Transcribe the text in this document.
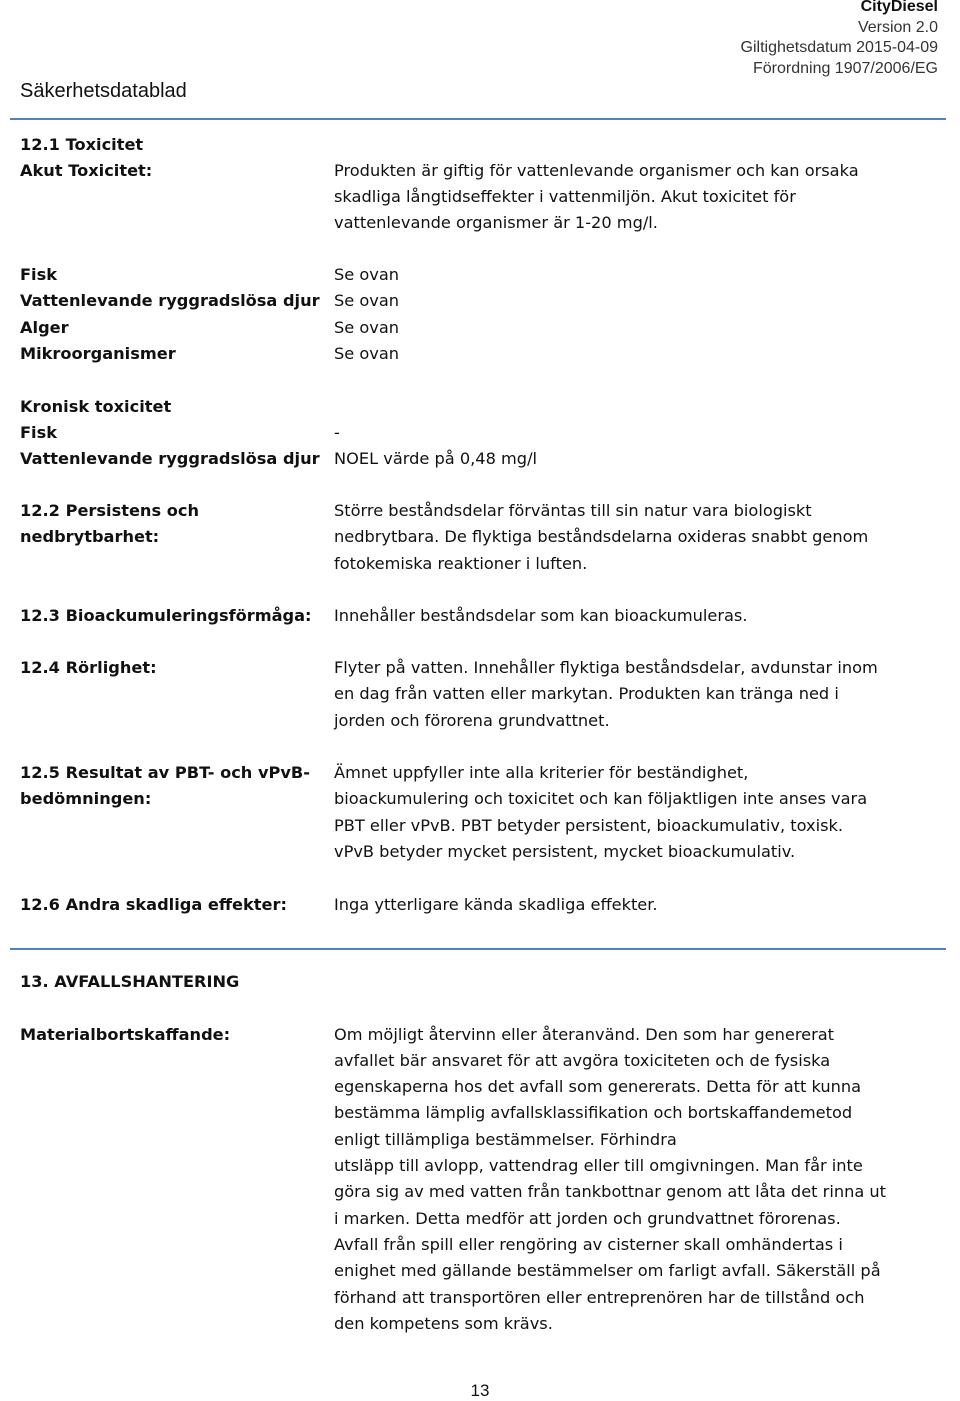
CityDiesel
Version 2.0
Giltighetsdatum 2015-04-09
Förordning 1907/2006/EG
Säkerhetsdatablad
12.1 Toxicitet
Akut Toxicitet:	Produkten är giftig för vattenlevande organismer och kan orsaka
skadliga långtidseffekter i vattenmiljön. Akut toxicitet för
vattenlevande organismer är 1-20 mg/l.
Fisk	Se ovan
Vattenlevande ryggradslösa djur Se ovan
Alger	Se ovan
Mikroorganismer	Se ovan
Kronisk toxicitet
Fisk	-
Vattenlevande ryggradslösa djur NOEL värde på 0,48 mg/l
12.2 Persistens och
nedbrytbarhet:
Större beståndsdelar förväntas till sin natur vara biologiskt
nedbrytbara. De flyktiga beståndsdelarna oxideras snabbt genom
fotokemiska reaktioner i luften.
12.3 Bioackumuleringsförmåga: Innehåller beståndsdelar som kan bioackumuleras.
12.4 Rörlighet:	Flyter på vatten. Innehåller flyktiga beståndsdelar, avdunstar inom
en dag från vatten eller markytan. Produkten kan tränga ned i
jorden och förorena grundvattnet.
12.5 Resultat av PBT- och vPvB-
bedömningen:
Ämnet uppfyller inte alla kriterier för beständighet,
bioackumulering och toxicitet och kan följaktligen inte anses vara
PBT eller vPvB. PBT betyder persistent, bioackumulativ, toxisk.
vPvB betyder mycket persistent, mycket bioackumulativ.
12.6 Andra skadliga effekter:	Inga ytterligare kända skadliga effekter.
13. AVFALLSHANTERING
Materialbortskaffande:	Om möjligt återvinn eller återanvänd. Den som har genererat
avfallet bär ansvaret för att avgöra toxiciteten och de fysiska
egenskaperna hos det avfall som genererats. Detta för att kunna
bestämma lämplig avfallsklassifikation och bortskaffandemetod
enligt tillämpliga bestämmelser. Förhindra
utsläpp till avlopp, vattendrag eller till omgivningen. Man får inte
göra sig av med vatten från tankbottnar genom att låta det rinna ut
i marken. Detta medför att jorden och grundvattnet förorenas.
Avfall från spill eller rengöring av cisterner skall omhändertas i
enighet med gällande bestämmelser om farligt avfall. Säkerställ på
förhand att transportören eller entreprenören har de tillstånd och
den kompetens som krävs.
13
